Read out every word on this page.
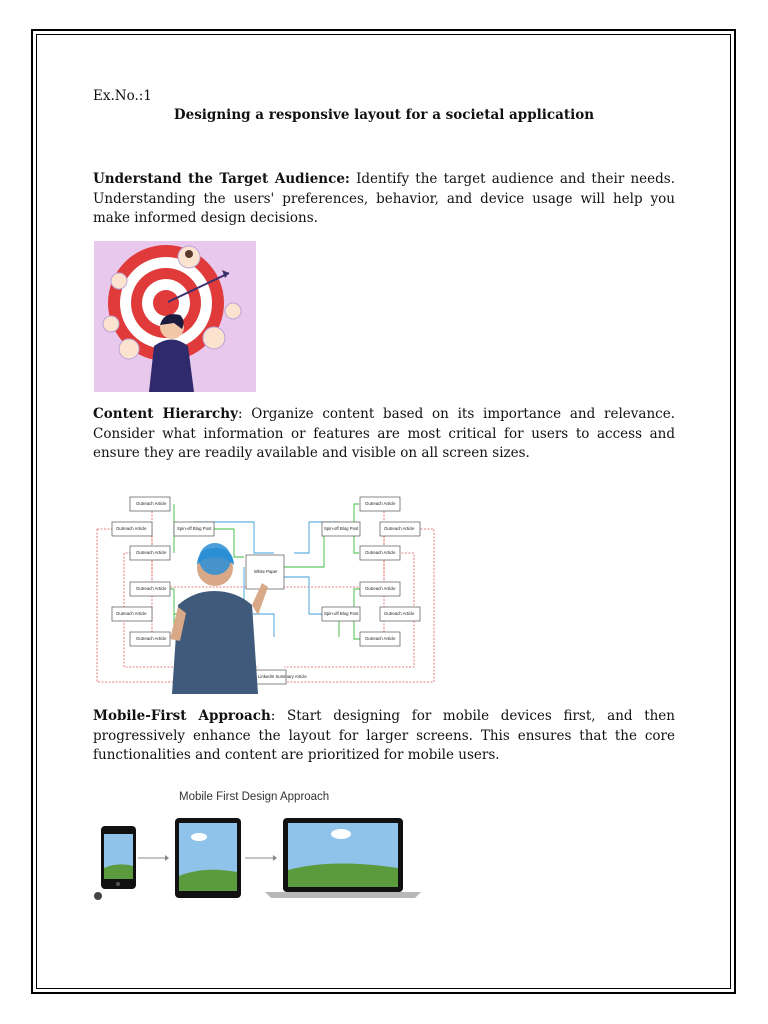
Ex.No.:1
Designing a responsive layout for a societal application

Understand the Target Audience: Identify the target audience and their needs. Understanding the users' preferences, behavior, and device usage will help you make informed design decisions.

Content Hierarchy: Organize content based on its importance and relevance. Consider what information or features are most critical for users to access and ensure they are readily available and visible on all screen sizes.

Outreach Article
Outreach Article
Outreach Article
Spin-off Blog Post
Outreach Article
Outreach Article
Outreach Article
Outreach Article
Outreach Article
Outreach Article
Spin-off Blog Post
Outreach Article
Outreach Article
Outreach Article
Spin-off Blog Post
White Paper
LinkedIn Summary Article

Mobile-First Approach: Start designing for mobile devices first, and then progressively enhance the layout for larger screens. This ensures that the core functionalities and content are prioritized for mobile users.

Mobile First Design Approach
